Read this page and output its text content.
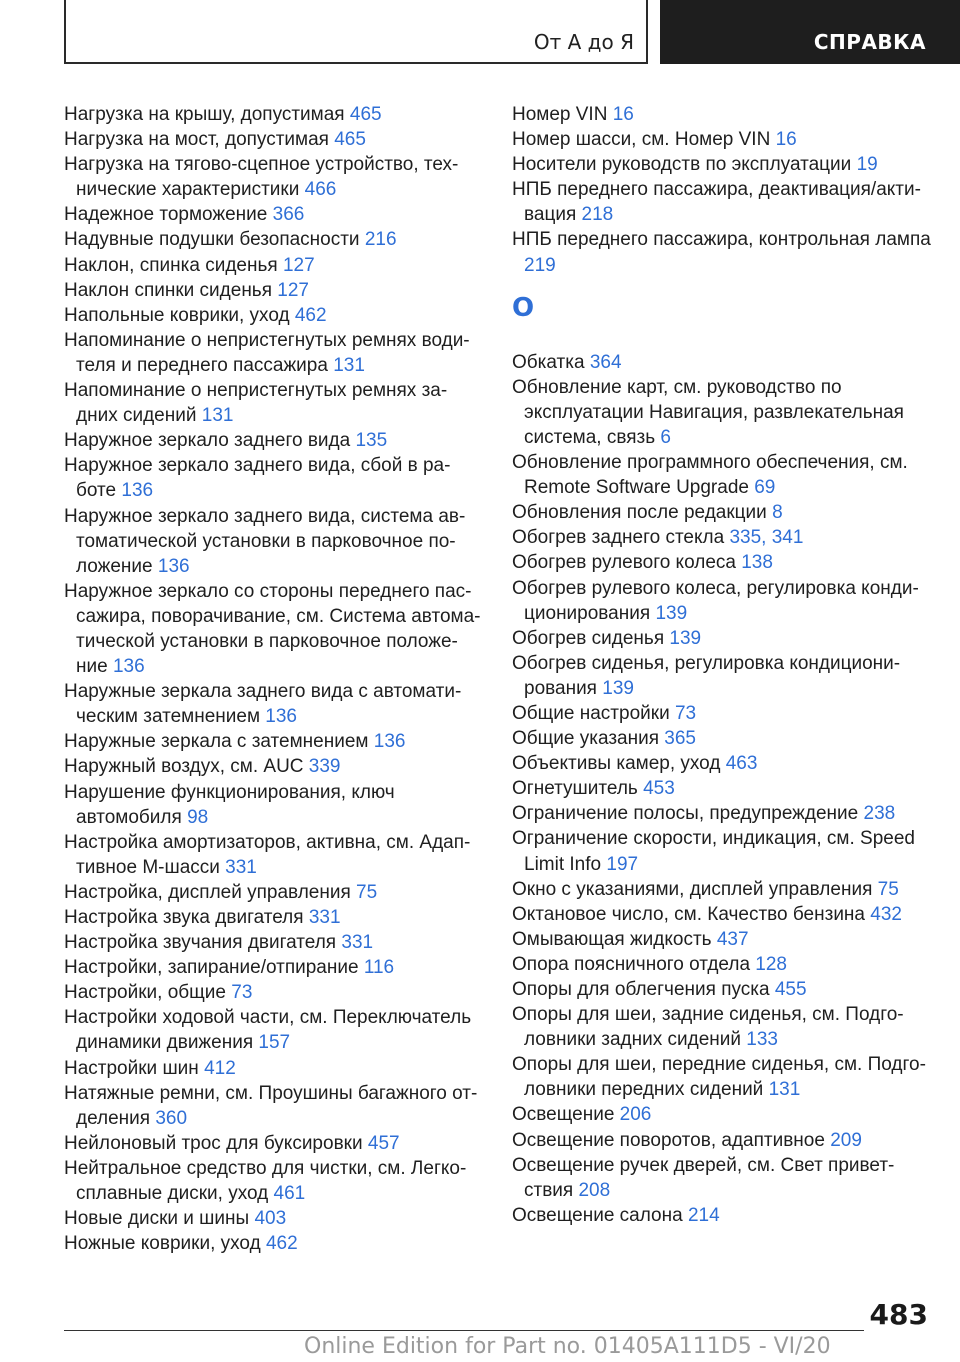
От А до Я	СПРАВКА
Нагрузка на крышу, допустимая 465
Нагрузка на мост, допустимая 465
Нагрузка на тягово-сцепное устройство, тех-нические характеристики 466
Надежное торможение 366
Надувные подушки безопасности 216
Наклон, спинка сиденья 127
Наклон спинки сиденья 127
Напольные коврики, уход 462
Напоминание о непристегнутых ремнях води-теля и переднего пассажира 131
Напоминание о непристегнутых ремнях за-дних сидений 131
Наружное зеркало заднего вида 135
Наружное зеркало заднего вида, сбой в ра-боте 136
Наружное зеркало заднего вида, система ав-томатической установки в парковочное по-ложение 136
Наружное зеркало со стороны переднего пас-сажира, поворачивание, см. Система автома-тической установки в парковочное положе-ние 136
Наружные зеркала заднего вида с автомати-ческим затемнением 136
Наружные зеркала с затемнением 136
Наружный воздух, см. AUC 339
Нарушение функционирования, ключ автомобиля 98
Настройка амортизаторов, активна, см. Адап-тивное М-шасси 331
Настройка, дисплей управления 75
Настройка звука двигателя 331
Настройка звучания двигателя 331
Настройки, запирание/отпирание 116
Настройки, общие 73
Настройки ходовой части, см. Переключатель динамики движения 157
Настройки шин 412
Натяжные ремни, см. Проушины багажного от-деления 360
Нейлоновый трос для буксировки 457
Нейтральное средство для чистки, см. Легко-сплавные диски, уход 461
Новые диски и шины 403
Ножные коврики, уход 462
Номер VIN 16
Номер шасси, см. Номер VIN 16
Носители руководств по эксплуатации 19
НПБ переднего пассажира, деактивация/акти-вация 218
НПБ переднего пассажира, контрольная лампа 219
О
Обкатка 364
Обновление карт, см. руководство по эксплуатации Навигация, развлекательная система, связь 6
Обновление программного обеспечения, см. Remote Software Upgrade 69
Обновления после редакции 8
Обогрев заднего стекла 335, 341
Обогрев рулевого колеса 138
Обогрев рулевого колеса, регулировка конди-ционирования 139
Обогрев сиденья 139
Обогрев сиденья, регулировка кондициони-рования 139
Общие настройки 73
Общие указания 365
Объективы камер, уход 463
Огнетушитель 453
Ограничение полосы, предупреждение 238
Ограничение скорости, индикация, см. Speed Limit Info 197
Окно с указаниями, дисплей управления 75
Октановое число, см. Качество бензина 432
Омывающая жидкость 437
Опора поясничного отдела 128
Опоры для облегчения пуска 455
Опоры для шеи, задние сиденья, см. Подго-ловники задних сидений 133
Опоры для шеи, передние сиденья, см. Подго-ловники передних сидений 131
Освещение 206
Освещение поворотов, адаптивное 209
Освещение ручек дверей, см. Свет привет-ствия 208
Освещение салона 214
483
Online Edition for Part no. 01405A111D5 - VI/20
